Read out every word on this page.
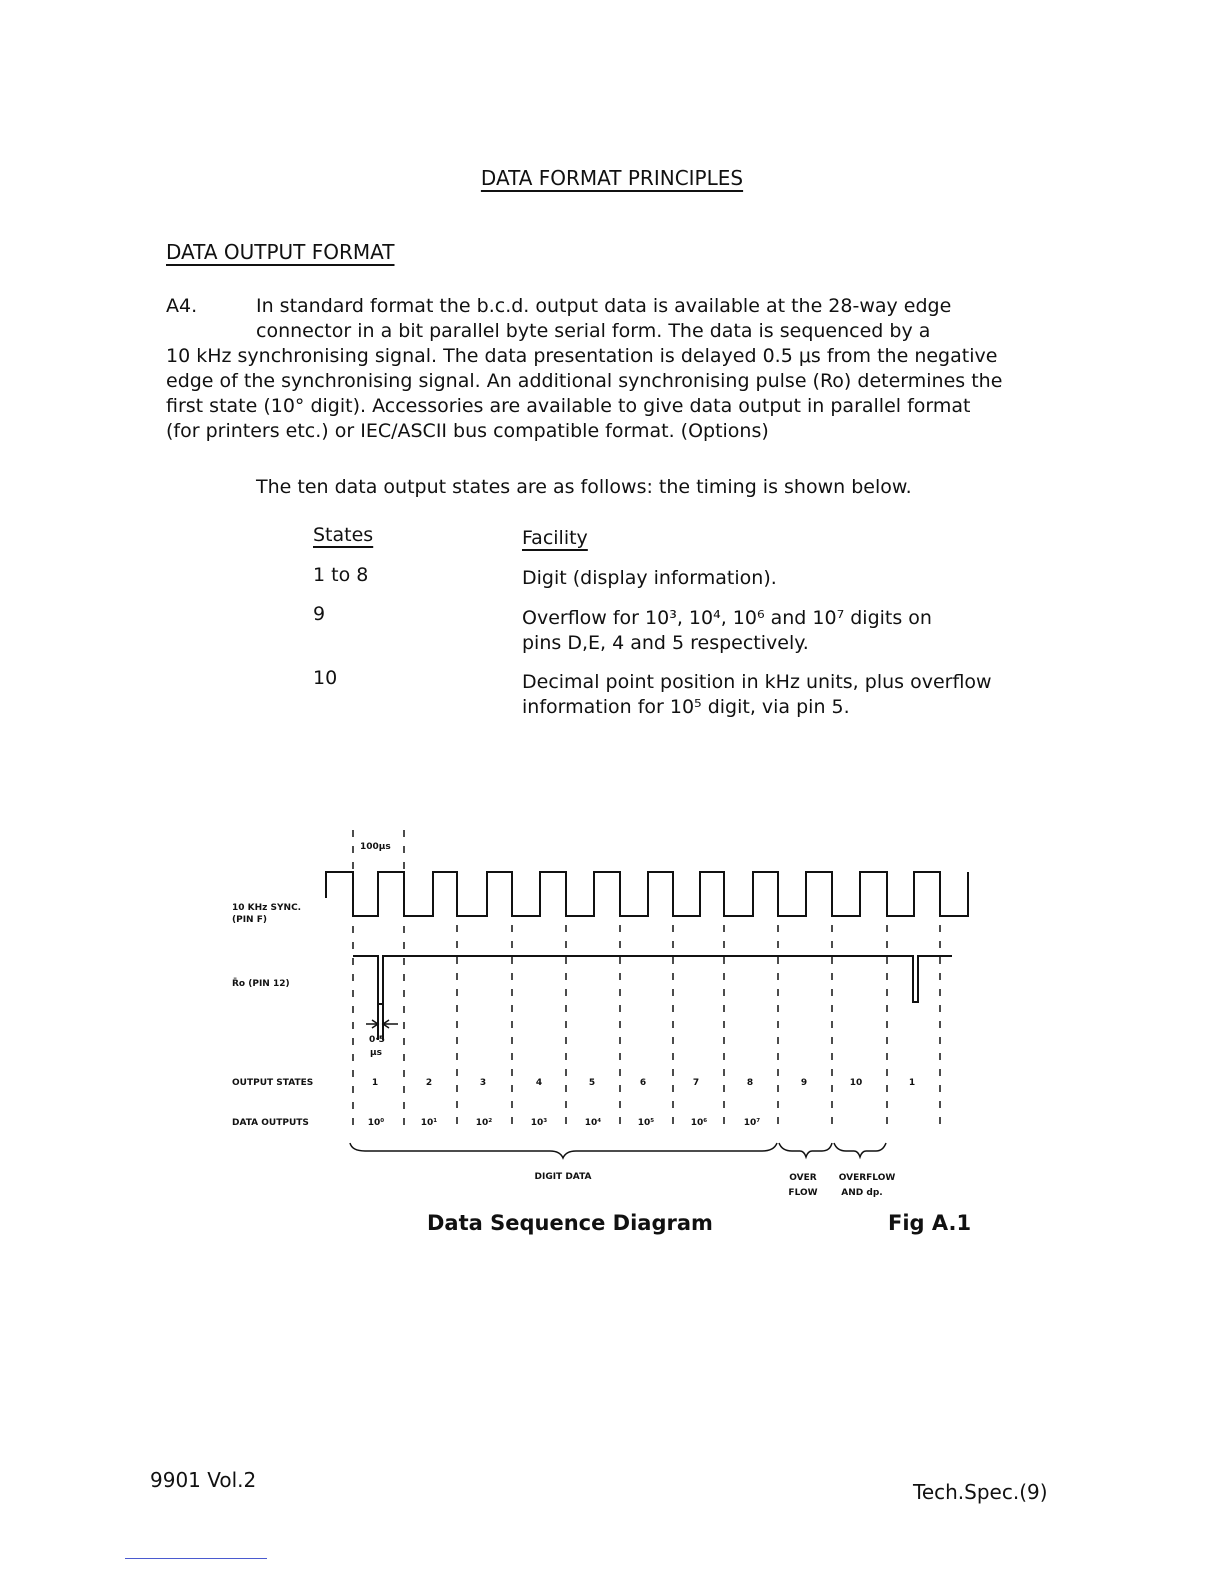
DATA FORMAT PRINCIPLES
DATA OUTPUT FORMAT
A4.	In standard format the b.c.d. output data is available at the 28-way edge
connector in a bit parallel byte serial form. The data is sequenced by a
10 kHz synchronising signal. The data presentation is delayed 0.5 μs from the negative
edge of the synchronising signal. An additional synchronising pulse (Ro) determines the
first state (10° digit). Accessories are available to give data output in parallel format
(for printers etc.) or IEC/ASCII bus compatible format. (Options)
The ten data output states are as follows: the timing is shown below.
States	Facility
1 to 8	Digit (display information).
9	Overflow for 10³, 10⁴, 10⁶ and 10⁷ digits on
pins D,E, 4 and 5 respectively.
10	Decimal point position in kHz units, plus overflow
information for 10⁵ digit, via pin 5.
10 KHz SYNC.
(PIN F)
R̄o (PIN 12)
OUTPUT STATES
DATA OUTPUTS
100μs
0·5
μs
1	2	3	4	5	6	7	8	9	10	1
10⁰	10¹	10²	10³	10⁴	10⁵	10⁶	10⁷
DIGIT DATA	OVER
FLOW
OVERFLOW
AND dp.
Data Sequence Diagram	Fig A.1
9901 Vol.2	Tech.Spec.(9)
